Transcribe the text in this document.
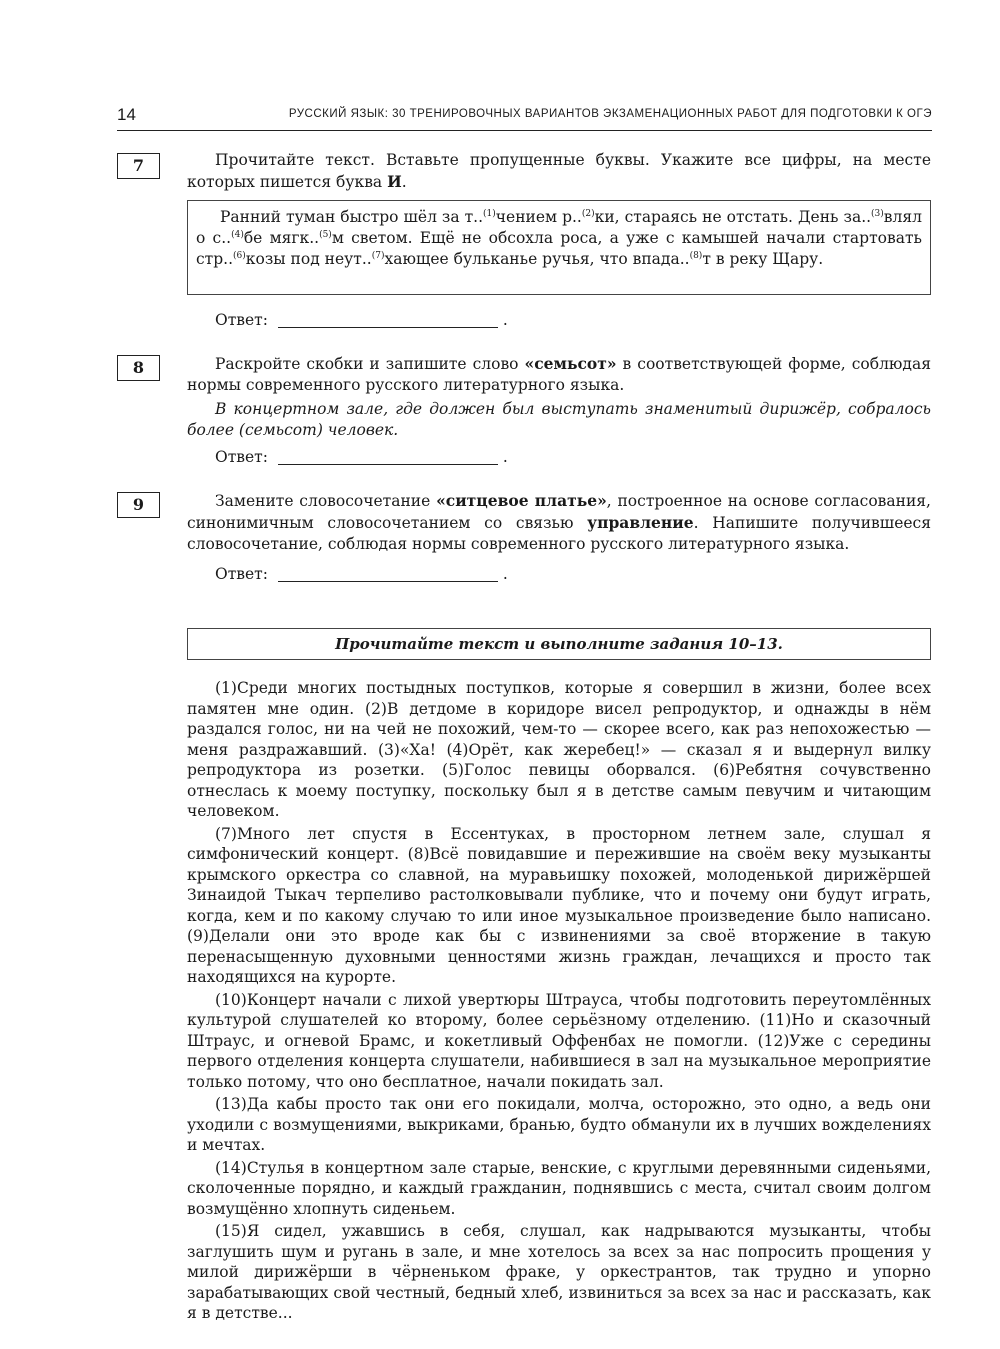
14	РУССКИЙ ЯЗЫК: 30 ТРЕНИРОВОЧНЫХ ВАРИАНТОВ ЭКЗАМЕНАЦИОННЫХ РАБОТ ДЛЯ ПОДГОТОВКИ К ОГЭ
7	Прочитайте текст. Вставьте пропущенные буквы. Укажите все цифры, на месте которых пишется буква И.

Ранний туман быстро шёл за т..$^{(1)}$чением р..$^{(2)}$ки, стараясь не отстать. День за..$^{(3)}$влял о с..$^{(4)}$бе мягк..$^{(5)}$м светом. Ещё не обсохла роса, а уже с камышей начали стартовать стр..$^{(6)}$козы под неут..$^{(7)}$хающее бульканье ручья, что впада..$^{(8)}$т в реку Щару.

Ответ:	.
8	Раскройте скобки и запишите слово «семьсот» в соответствующей форме, соблюдая нормы современного русского литературного языка.

В концертном зале, где должен был выступать знаменитый дирижёр, собралось более (семьсот) человек.

Ответ:	.
9	Замените словосочетание «ситцевое платье», построенное на основе согласования, синонимичным словосочетанием со связью управление. Напишите получившееся словосочетание, соблюдая нормы современного русского литературного языка.

Ответ:	.
Прочитайте текст и выполните задания 10–13.

(1)Среди многих постыдных поступков, которые я совершил в жизни, более всех памятен мне один. (2)В детдоме в коридоре висел репродуктор, и однажды в нём раздался голос, ни на чей не похожий, чем-то — скорее всего, как раз непохожестью — меня раздражавший. (3)«Ха! (4)Орёт, как жеребец!» — сказал я и выдернул вилку репродуктора из розетки. (5)Голос певицы оборвался. (6)Ребятня сочувственно отнеслась к моему поступку, поскольку был я в детстве самым певучим и читающим человеком.

(7)Много лет спустя в Ессентуках, в просторном летнем зале, слушал я симфонический концерт. (8)Всё повидавшие и пережившие на своём веку музыканты крымского оркестра со славной, на муравьишку похожей, молоденькой дирижёршей Зинаидой Тыкач терпеливо растолковывали публике, что и почему они будут играть, когда, кем и по какому случаю то или иное музыкальное произведение было написано. (9)Делали они это вроде как бы с извинениями за своё вторжение в такую перенасыщенную духовными ценностями жизнь граждан, лечащихся и просто так находящихся на курорте.

(10)Концерт начали с лихой увертюры Штрауса, чтобы подготовить переутомлённых культурой слушателей ко второму, более серьёзному отделению. (11)Но и сказочный Штраус, и огневой Брамс, и кокетливый Оффенбах не помогли. (12)Уже с середины первого отделения концерта слушатели, набившиеся в зал на музыкальное мероприятие только потому, что оно бесплатное, начали покидать зал.

(13)Да кабы просто так они его покидали, молча, осторожно, это одно, а ведь они уходили с возмущениями, выкриками, бранью, будто обманули их в лучших вожделениях и мечтах.

(14)Стулья в концертном зале старые, венские, с круглыми деревянными сиденьями, сколоченные порядно, и каждый гражданин, поднявшись с места, считал своим долгом возмущённо хлопнуть сиденьем.

(15)Я сидел, ужавшись в себя, слушал, как надрываются музыканты, чтобы заглушить шум и ругань в зале, и мне хотелось за всех за нас попросить прощения у милой дирижёрши в чёрненьком фраке, у оркестрантов, так трудно и упорно зарабатывающих свой честный, бедный хлеб, извиниться за всех за нас и рассказать, как я в детстве...
